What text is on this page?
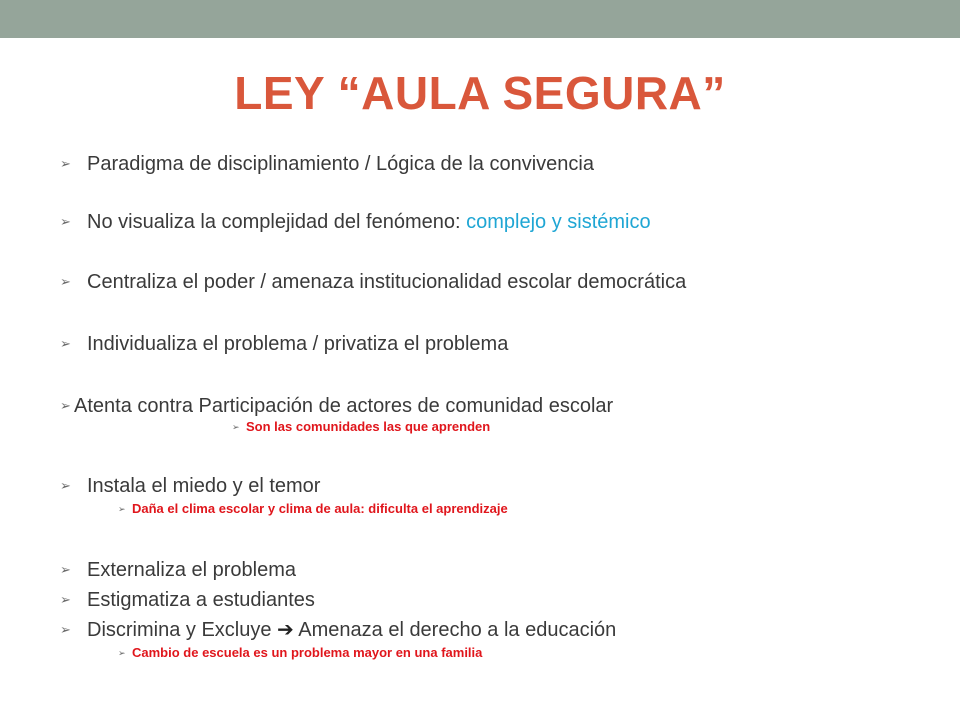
LEY “AULA SEGURA”
➢ Paradigma de disciplinamiento / Lógica de la convivencia
➢ No visualiza la complejidad del fenómeno: complejo y sistémico
➢ Centraliza el poder / amenaza institucionalidad escolar democrática
➢ Individualiza el problema / privatiza el problema
➢ Atenta contra Participación de actores de comunidad escolar
➢ Son las comunidades las que aprenden
➢ Instala el miedo y el temor
➢ Daña el clima escolar y clima de aula: dificulta el aprendizaje
➢ Externaliza el problema
➢ Estigmatiza a estudiantes
➢ Discrimina y Excluye ➔ Amenaza el derecho a la educación
➢ Cambio de escuela es un problema mayor en una familia
